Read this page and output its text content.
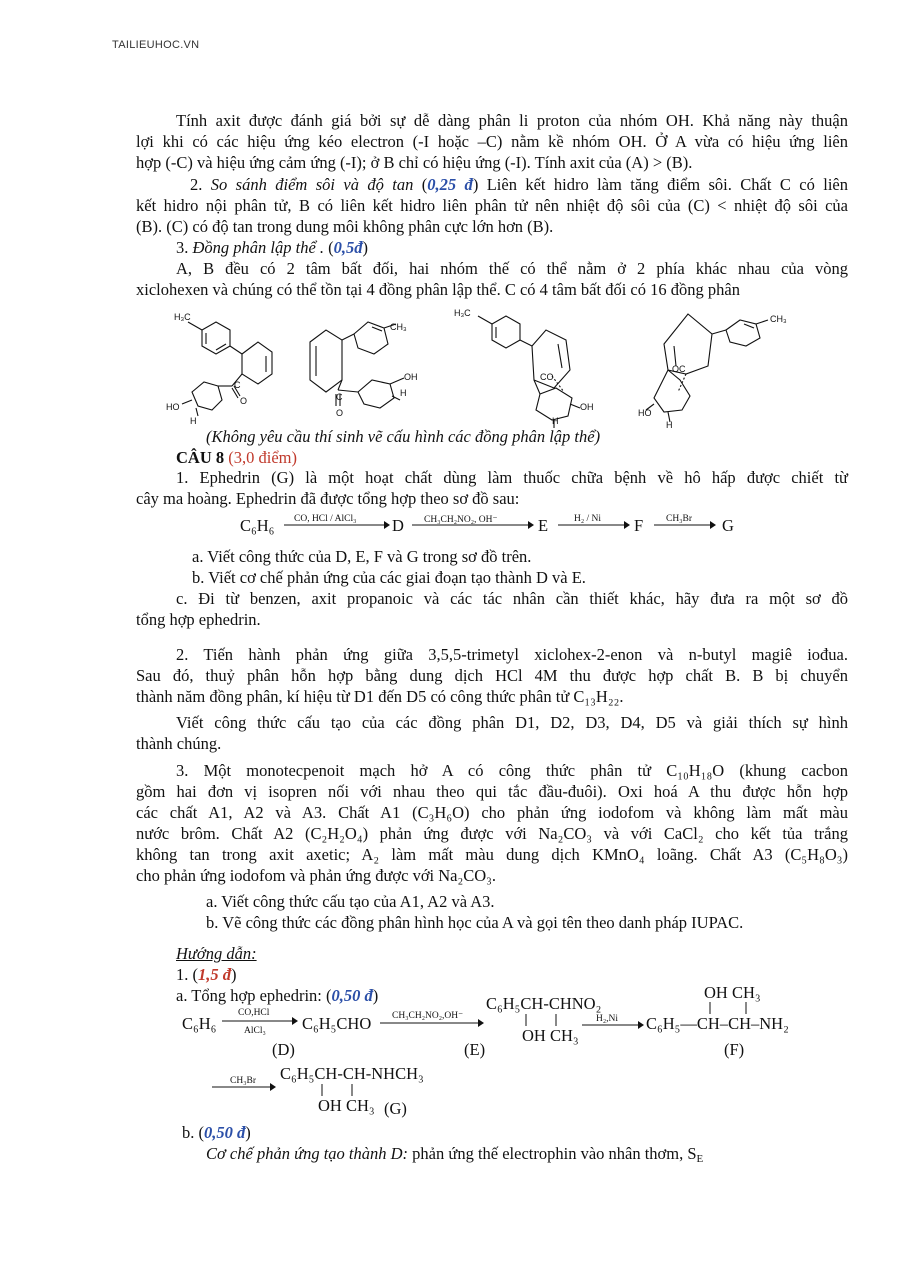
TAILIEUHOC.VN
Tính axit được đánh giá bởi sự dễ dàng phân li proton của nhóm OH. Khả năng này thuận
lợi khi có các hiệu ứng kéo electron (-I hoặc –C) nằm kề nhóm OH. Ở A vừa có hiệu ứng liên
hợp (-C) và hiệu ứng cảm ứng (-I); ở B chỉ có hiệu ứng (-I). Tính axit của (A) > (B).
2. So sánh điểm sôi và độ tan (0,25 đ) Liên kết hidro làm tăng điểm sôi. Chất C có liên
kết hidro nội phân tử, B có liên kết hidro liên phân tử nên nhiệt độ sôi của (C) < nhiệt độ sôi của
(B). (C) có độ tan trong dung môi không phân cực lớn hơn (B).
3. Đồng phân lập thể . (0,5đ)
A, B đều có 2 tâm bất đối, hai nhóm thế có thể nằm ở 2 phía khác nhau của vòng
xiclohexen và chúng có thể tồn tại 4 đồng phân lập thể. C có 4 tâm bất đối có 16 đồng phân
H₃C
C
O
HO
H
CH₃
C
O
OH
H
H₃C
CO
OH
H
CH₃
OC
HO
H
(Không yêu cầu thí sinh vẽ cấu hình các đồng phân lập thể)
CÂU 8 (3,0 điểm)
1. Ephedrin (G) là một hoạt chất dùng làm thuốc chữa bệnh về hô hấp được chiết từ
cây ma hoàng. Ephedrin đã được tổng hợp theo sơ đồ sau:
C₆H₆ CO, HCl / AlCl₃ D CH₃CH₂NO₂, OH⁻ E	H₂ / Ni F CH₃Br → G
a. Viết công thức của D, E, F và G trong sơ đồ trên.
b. Viết cơ chế phản ứng của các giai đoạn tạo thành D và E.
c. Đi từ benzen, axit propanoic và các tác nhân cần thiết khác, hãy đưa ra một sơ đồ
tổng hợp ephedrin.
2. Tiến hành phản ứng giữa 3,5,5-trimetyl xiclohex-2-enon và n-butyl magiê iođua.
Sau đó, thuỷ phân hỗn hợp bằng dung dịch HCl 4M thu được hợp chất B. B bị chuyển
thành năm đồng phân, kí hiệu từ D1 đến D5 có công thức phân tử C₁₃H₂₂.
Viết công thức cấu tạo của các đồng phân D1, D2, D3, D4, D5 và giải thích sự hình
thành chúng.
3. Một monotecpenoit mạch hở A có công thức phân tử C₁₀H₁₈O (khung cacbon
gồm hai đơn vị isopren nối với nhau theo qui tắc đầu-đuôi). Oxi hoá A thu được hỗn hợp
các chất A1, A2 và A3. Chất A1 (C₃H₆O) cho phản ứng iodofom và không làm mất màu
nước brôm. Chất A2 (C₂H₂O₄) phản ứng được với Na₂CO₃ và với CaCl₂ cho kết tủa trắng
không tan trong axit axetic; A₂ làm mất màu dung dịch KMnO₄ loãng. Chất A3 (C₅H₈O₃)
cho phản ứng iodofom và phản ứng được với Na₂CO₃.
a. Viết công thức cấu tạo của A1, A2 và A3.
b. Vẽ công thức các đồng phân hình học của A và gọi tên theo danh pháp IUPAC.
Hướng dẫn:
1. (1,5 đ)
a. Tổng hợp ephedrin: (0,50 đ)
C₆H₆
CO,HCl
AlCl₃ C₆H₅CHO CH₃CH₂NO₂,OH⁻
C₆H₅CH-CHNO₂
OH CH₃
H₂,Ni
OH CH₃
C₆H₅—CH–CH–NH₂
(D)	(E)	(F)
CH₃Br C₆H₅CH-CH-NHCH₃
OH CH₃ (G)
b. (0,50 đ)
Cơ chế phản ứng tạo thành D: phản ứng thế electrophin vào nhân thơm, $S_E$
